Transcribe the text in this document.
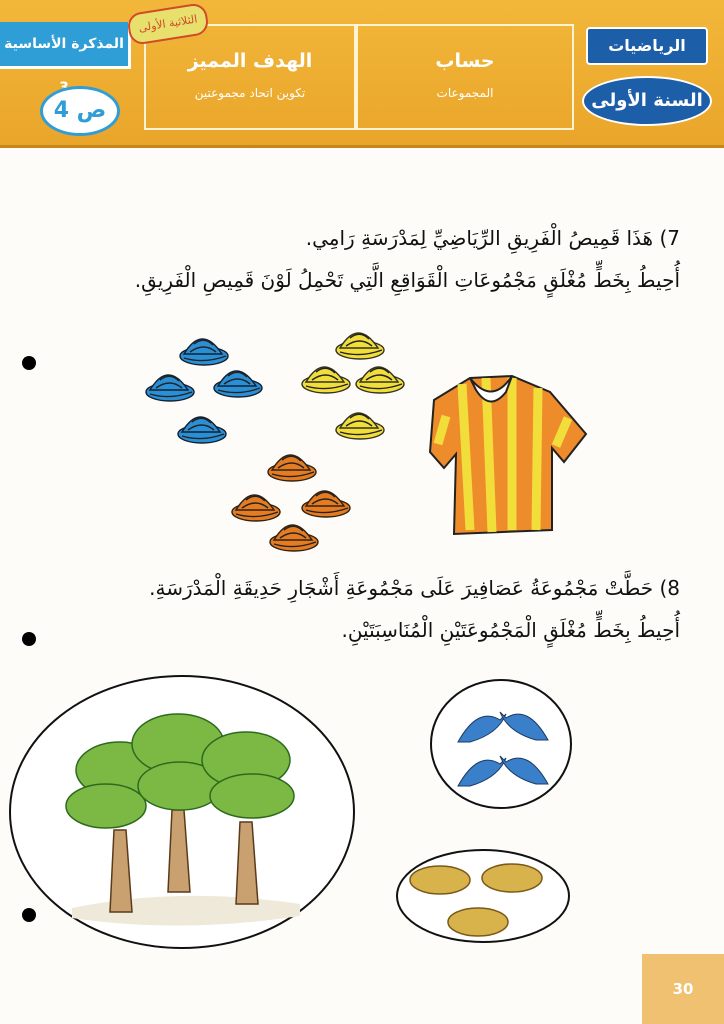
الرياضيات
السنة الأولى
حساب
المجموعات
الهدف المميز
تكوين اتحاد مجموعتين
المذكرة الأساسية
الثلاثية الأولى
ص 4
7) هَذَا قَمِيصُ الْفَرِيقِ الرِّيَاضِيِّ لِمَدْرَسَةِ رَامِي.
أُحِيطُ بِخَطٍّ مُغْلَقٍ مَجْمُوعَاتِ الْقَوَاقِعِ الَّتِي تَحْمِلُ لَوْنَ قَمِيصِ الْفَرِيقِ.
8) حَطَّتْ مَجْمُوعَةُ عَصَافِيرَ عَلَى مَجْمُوعَةِ أَشْجَارِ حَدِيقَةِ الْمَدْرَسَةِ.
أُحِيطُ بِخَطٍّ مُغْلَقٍ الْمَجْمُوعَتَيْنِ الْمُنَاسِبَتَيْنِ.
30
